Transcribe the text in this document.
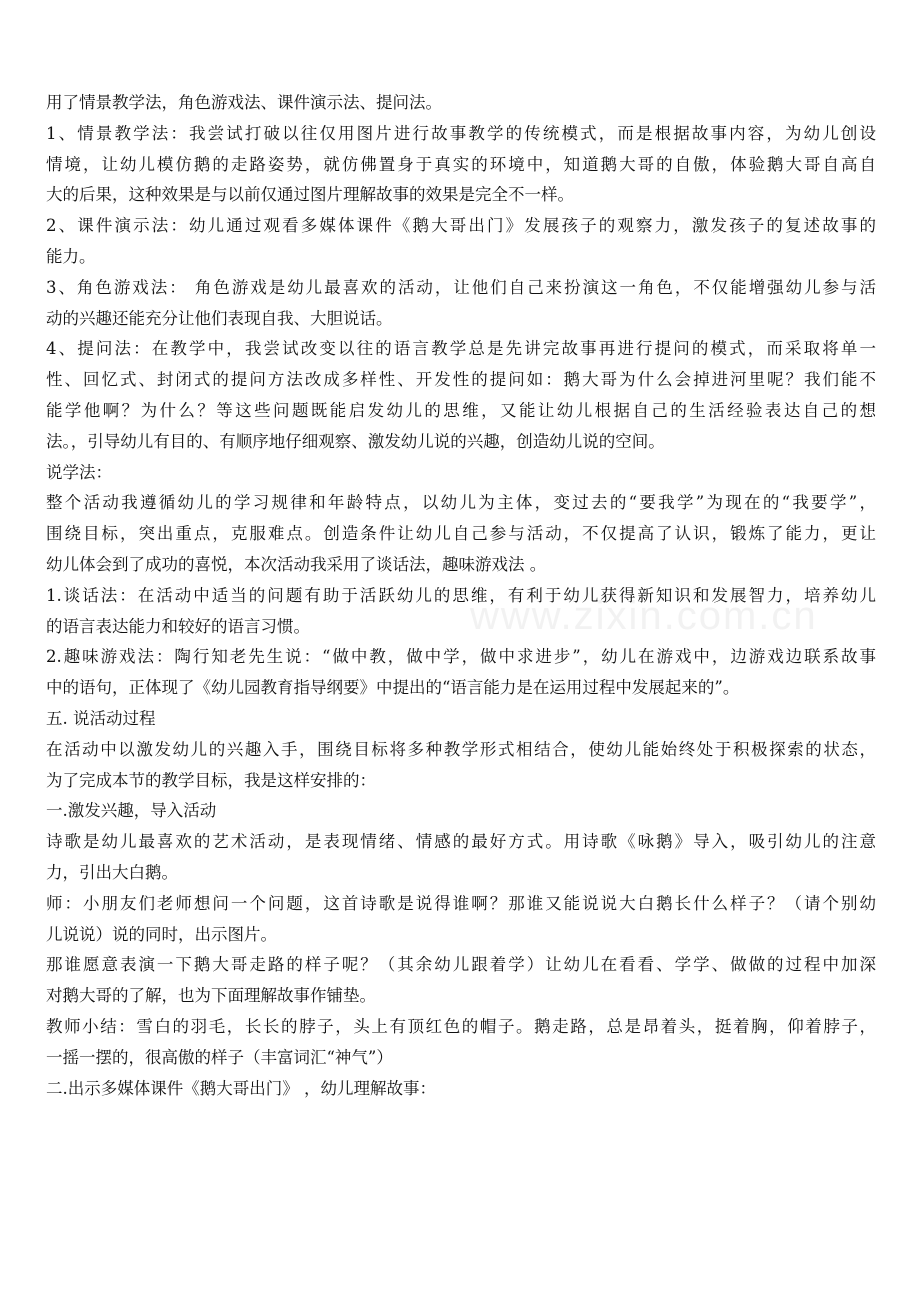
www.zixin.com.cn
用了情景教学法，角色游戏法、课件演示法、提问法。
1、情景教学法：我尝试打破以往仅用图片进行故事教学的传统模式，而是根据故事内容，为幼儿创设
情境，让幼儿模仿鹅的走路姿势，就仿佛置身于真实的环境中，知道鹅大哥的自傲，体验鹅大哥自高自
大的后果，这种效果是与以前仅通过图片理解故事的效果是完全不一样。
2、课件演示法：幼儿通过观看多媒体课件《鹅大哥出门》发展孩子的观察力，激发孩子的复述故事的
能力。
3、角色游戏法： 角色游戏是幼儿最喜欢的活动，让他们自己来扮演这一角色，不仅能增强幼儿参与活
动的兴趣还能充分让他们表现自我、大胆说话。
4、提问法：在教学中，我尝试改变以往的语言教学总是先讲完故事再进行提问的模式，而采取将单一
性、回忆式、封闭式的提问方法改成多样性、开发性的提问如：鹅大哥为什么会掉进河里呢？我们能不
能学他啊？为什么？等这些问题既能启发幼儿的思维，又能让幼儿根据自己的生活经验表达自己的想
法。，引导幼儿有目的、有顺序地仔细观察、激发幼儿说的兴趣，创造幼儿说的空间。
说学法：
整个活动我遵循幼儿的学习规律和年龄特点，以幼儿为主体，变过去的“要我学”为现在的“我要学”，
围绕目标，突出重点，克服难点。创造条件让幼儿自己参与活动，不仅提高了认识，锻炼了能力，更让
幼儿体会到了成功的喜悦，本次活动我采用了谈话法，趣味游戏法 。
1.谈话法：在活动中适当的问题有助于活跃幼儿的思维，有利于幼儿获得新知识和发展智力，培养幼儿
的语言表达能力和较好的语言习惯。
2.趣味游戏法：陶行知老先生说：“做中教，做中学，做中求进步”，幼儿在游戏中，边游戏边联系故事
中的语句，正体现了《幼儿园教育指导纲要》中提出的“语言能力是在运用过程中发展起来的”。
五. 说活动过程
在活动中以激发幼儿的兴趣入手，围绕目标将多种教学形式相结合，使幼儿能始终处于积极探索的状态，
为了完成本节的教学目标，我是这样安排的：
一.激发兴趣，导入活动
诗歌是幼儿最喜欢的艺术活动，是表现情绪、情感的最好方式。用诗歌《咏鹅》导入，吸引幼儿的注意
力，引出大白鹅。
师：小朋友们老师想问一个问题，这首诗歌是说得谁啊？那谁又能说说大白鹅长什么样子？（请个别幼
儿说说）说的同时，出示图片。
那谁愿意表演一下鹅大哥走路的样子呢？（其余幼儿跟着学）让幼儿在看看、学学、做做的过程中加深
对鹅大哥的了解，也为下面理解故事作铺垫。
教师小结：雪白的羽毛，长长的脖子，头上有顶红色的帽子。鹅走路，总是昂着头，挺着胸，仰着脖子，
一摇一摆的，很高傲的样子（丰富词汇“神气”）
二.出示多媒体课件《鹅大哥出门》 ，幼儿理解故事：
